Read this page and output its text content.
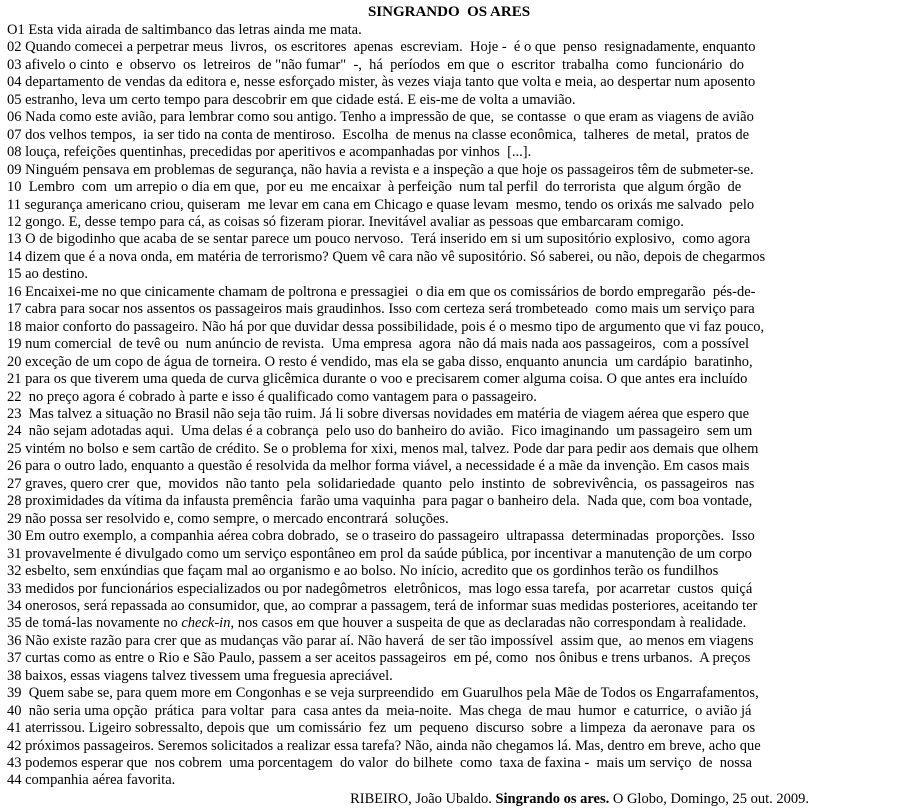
SINGRANDO  OS ARES
O1 Esta vida airada de saltimbanco das letras ainda me mata.
02 Quando comecei a perpetrar meus  livros,  os escritores  apenas  escreviam.  Hoje -  é o que  penso  resignadamente, enquanto
03 afivelo o cinto  e  observo  os  letreiros  de "não fumar"  -,  há  períodos  em que  o  escritor  trabalha  como  funcionário  do
04 departamento de vendas da editora e, nesse esforçado mister, às vezes viaja tanto que volta e meia, ao despertar num aposento
05 estranho, leva um certo tempo para descobrir em que cidade está. E eis-me de volta a umavião.
06 Nada como este avião, para lembrar como sou antigo. Tenho a impressão de que,  se contasse  o que eram as viagens de avião
07 dos velhos tempos,  ia ser tido na conta de mentiroso.  Escolha  de menus na classe econômica,  talheres  de metal,  pratos de
08 louça, refeições quentinhas, precedidas por aperitivos e acompanhadas por vinhos  [...].
09 Ninguém pensava em problemas de segurança, não havia a revista e a inspeção a que hoje os passageiros têm de submeter-se.
10  Lembro  com  um arrepio o dia em que,  por eu  me encaixar  à perfeição  num tal perfil  do terrorista  que algum órgão  de
11 segurança americano criou, quiseram  me levar em cana em Chicago e quase levam  mesmo, tendo os orixás me salvado  pelo
12 gongo. E, desse tempo para cá, as coisas só fizeram piorar. Inevitável avaliar as pessoas que embarcaram comigo.
13 O de bigodinho que acaba de se sentar parece um pouco nervoso.  Terá inserido em si um supositório explosivo,  como agora
14 dizem que é a nova onda, em matéria de terrorismo? Quem vê cara não vê supositório. Só saberei, ou não, depois de chegarmos
15 ao destino.
16 Encaixei-me no que cinicamente chamam de poltrona e pressagiei  o dia em que os comissários de bordo empregarão  pés-de-
17 cabra para socar nos assentos os passageiros mais graudinhos. Isso com certeza será trombeteado  como mais um serviço para
18 maior conforto do passageiro. Não há por que duvidar dessa possibilidade, pois é o mesmo tipo de argumento que vi faz pouco,
19 num comercial  de tevê ou  num anúncio de revista.  Uma empresa  agora  não dá mais nada aos passageiros,  com a possível
20 exceção de um copo de água de torneira. O resto é vendido, mas ela se gaba disso, enquanto anuncia  um cardápio  baratinho,
21 para os que tiverem uma queda de curva glicêmica durante o voo e precisarem comer alguma coisa. O que antes era incluído
22  no preço agora é cobrado à parte e isso é qualificado como vantagem para o passageiro.
23  Mas talvez a situação no Brasil não seja tão ruim. Já li sobre diversas novidades em matéria de viagem aérea que espero que
24  não sejam adotadas aqui.  Uma delas é a cobrança  pelo uso do banheiro do avião.  Fico imaginando  um passageiro  sem um
25 vintém no bolso e sem cartão de crédito. Se o problema for xixi, menos mal, talvez. Pode dar para pedir aos demais que olhem
26 para o outro lado, enquanto a questão é resolvida da melhor forma viável, a necessidade é a mãe da invenção. Em casos mais
27 graves, quero crer  que,  movidos  não tanto  pela  solidariedade  quanto  pelo  instinto  de  sobrevivência,  os passageiros  nas
28 proximidades da vítima da infausta premência  farão uma vaquinha  para pagar o banheiro dela.  Nada que, com boa vontade,
29 não possa ser resolvido e, como sempre, o mercado encontrará  soluções.
30 Em outro exemplo, a companhia aérea cobra dobrado,  se o traseiro do passageiro  ultrapassa  determinadas  proporções.  Isso
31 provavelmente é divulgado como um serviço espontâneo em prol da saúde pública, por incentivar a manutenção de um corpo
32 esbelto, sem enxúndias que façam mal ao organismo e ao bolso. No início, acredito que os gordinhos terão os fundilhos
33 medidos por funcionários especializados ou por nadegômetros  eletrônicos,  mas logo essa tarefa,  por acarretar  custos  quiçá
34 onerosos, será repassada ao consumidor, que, ao comprar a passagem, terá de informar suas medidas posteriores, aceitando ter
35 de tomá-las novamente no check-in, nos casos em que houver a suspeita de que as declaradas não correspondam à realidade.
36 Não existe razão para crer que as mudanças vão parar aí. Não haverá  de ser tão impossível  assim que,  ao menos em viagens
37 curtas como as entre o Rio e São Paulo, passem a ser aceitos passageiros  em pé, como  nos ônibus e trens urbanos.  A preços
38 baixos, essas viagens talvez tivessem uma freguesia apreciável.
39  Quem sabe se, para quem more em Congonhas e se veja surpreendido  em Guarulhos pela Mãe de Todos os Engarrafamentos,
40  não seria uma opção  prática  para voltar  para  casa antes da  meia-noite.  Mas chega  de mau  humor  e caturrice,  o avião já
41 aterrissou. Ligeiro sobressalto, depois que  um comissário  fez  um  pequeno  discurso  sobre  a limpeza  da aeronave  para  os
42 próximos passageiros. Seremos solicitados a realizar essa tarefa? Não, ainda não chegamos lá. Mas, dentro em breve, acho que
43 podemos esperar que  nos cobrem  uma porcentagem  do valor  do bilhete  como  taxa de faxina -  mais um serviço  de  nossa
44 companhia aérea favorita.
RIBEIRO, João Ubaldo. Singrando os ares. O Globo, Domingo, 25 out. 2009.
